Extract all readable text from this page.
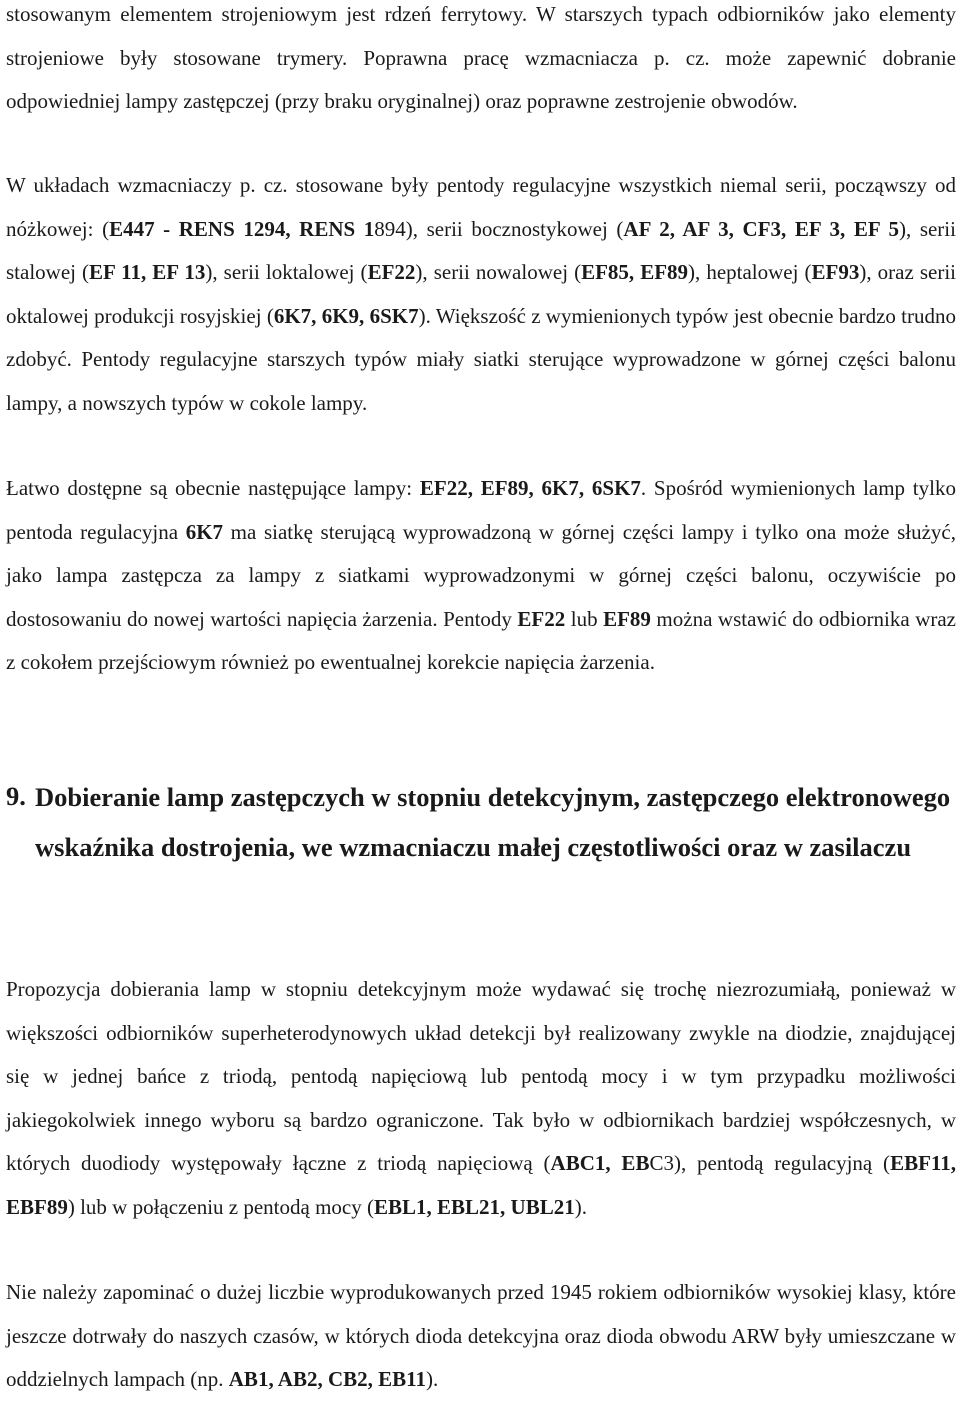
stosowanym elementem strojeniowym jest rdzeń ferrytowy. W starszych typach odbiorników jako elementy strojeniowe były stosowane trymery. Poprawna pracę wzmacniacza p. cz. może zapewnić dobranie odpowiedniej lampy zastępczej (przy braku oryginalnej) oraz poprawne zestrojenie obwodów.

W układach wzmacniaczy p. cz. stosowane były pentody regulacyjne wszystkich niemal serii, począwszy od nóżkowej: (E447 - RENS 1294, RENS 1894), serii bocznostykowej (AF 2, AF 3, CF3, EF 3, EF 5), serii stalowej (EF 11, EF 13), serii loktalowej (EF22), serii nowalowej (EF85, EF89), heptalowej (EF93), oraz serii oktalowej produkcji rosyjskiej (6K7, 6K9, 6SK7). Większość z wymienionych typów jest obecnie bardzo trudno zdobyć. Pentody regulacyjne starszych typów miały siatki sterujące wyprowadzone w górnej części balonu lampy, a nowszych typów w cokole lampy.

Łatwo dostępne są obecnie następujące lampy: EF22, EF89, 6K7, 6SK7. Spośród wymienionych lamp tylko pentoda regulacyjna 6K7 ma siatkę sterującą wyprowadzoną w górnej części lampy i tylko ona może służyć, jako lampa zastępcza za lampy z siatkami wyprowadzonymi w górnej części balonu, oczywiście po dostosowaniu do nowej wartości napięcia żarzenia. Pentody EF22 lub EF89 można wstawić do odbiornika wraz z cokołem przejściowym również po ewentualnej korekcie napięcia żarzenia.

9. Dobieranie lamp zastępczych w stopniu detekcyjnym, zastępczego elektronowego wskaźnika dostrojenia, we wzmacniaczu małej częstotliwości oraz w zasilaczu

Propozycja dobierania lamp w stopniu detekcyjnym może wydawać się trochę niezrozumiałą, ponieważ w większości odbiorników superheterodynowych układ detekcji był realizowany zwykle na diodzie, znajdującej się w jednej bańce z triodą, pentodą napięciową lub pentodą mocy i w tym przypadku możliwości jakiegokolwiek innego wyboru są bardzo ograniczone. Tak było w odbiornikach bardziej współczesnych, w których duodiody występowały łączne z triodą napięciową (ABC1, EBC3), pentodą regulacyjną (EBF11, EBF89) lub w połączeniu z pentodą mocy (EBL1, EBL21, UBL21).

Nie należy zapominać o dużej liczbie wyprodukowanych przed 1945 rokiem odbiorników wysokiej klasy, które jeszcze dotrwały do naszych czasów, w których dioda detekcyjna oraz dioda obwodu ARW były umieszczane w oddzielnych lampach (np. AB1, AB2, CB2, EB11).
